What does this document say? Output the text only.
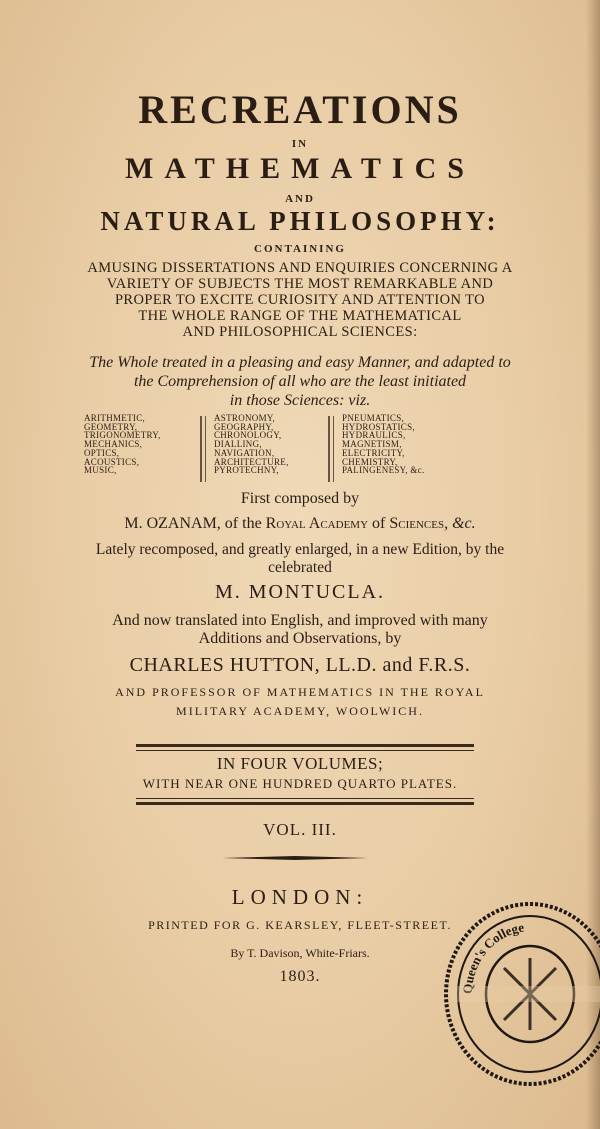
RECREATIONS
IN
MATHEMATICS
AND
NATURAL PHILOSOPHY:
CONTAINING
AMUSING DISSERTATIONS AND ENQUIRIES CONCERNING A
VARIETY OF SUBJECTS THE MOST REMARKABLE AND
PROPER TO EXCITE CURIOSITY AND ATTENTION TO
THE WHOLE RANGE OF THE MATHEMATICAL
AND PHILOSOPHICAL SCIENCES:
The Whole treated in a pleasing and easy Manner, and adapted to
the Comprehension of all who are the least initiated
in those Sciences: viz.
ARITHMETIC,
GEOMETRY,
TRIGONOMETRY,
MECHANICS,
OPTICS,
ACOUSTICS,
MUSIC,
ASTRONOMY,
GEOGRAPHY,
CHRONOLOGY,
DIALLING,
NAVIGATION,
ARCHITECTURE,
PYROTECHNY,
PNEUMATICS,
HYDROSTATICS,
HYDRAULICS,
MAGNETISM,
ELECTRICITY,
CHEMISTRY,
PALINGENESY, &c.
First composed by
M. OZANAM, of the Royal Academy of Sciences, &c.
Lately recomposed, and greatly enlarged, in a new Edition, by the
celebrated
M. MONTUCLA.
And now translated into English, and improved with many
Additions and Observations, by
CHARLES HUTTON, LL.D. and F.R.S.
AND PROFESSOR OF MATHEMATICS IN THE ROYAL
MILITARY ACADEMY, WOOLWICH.
IN FOUR VOLUMES;
WITH NEAR ONE HUNDRED QUARTO PLATES.
VOL. III.
LONDON:
PRINTED FOR G. KEARSLEY, FLEET-STREET.
By T. Davison, White-Friars.
1803.
Queen's College
